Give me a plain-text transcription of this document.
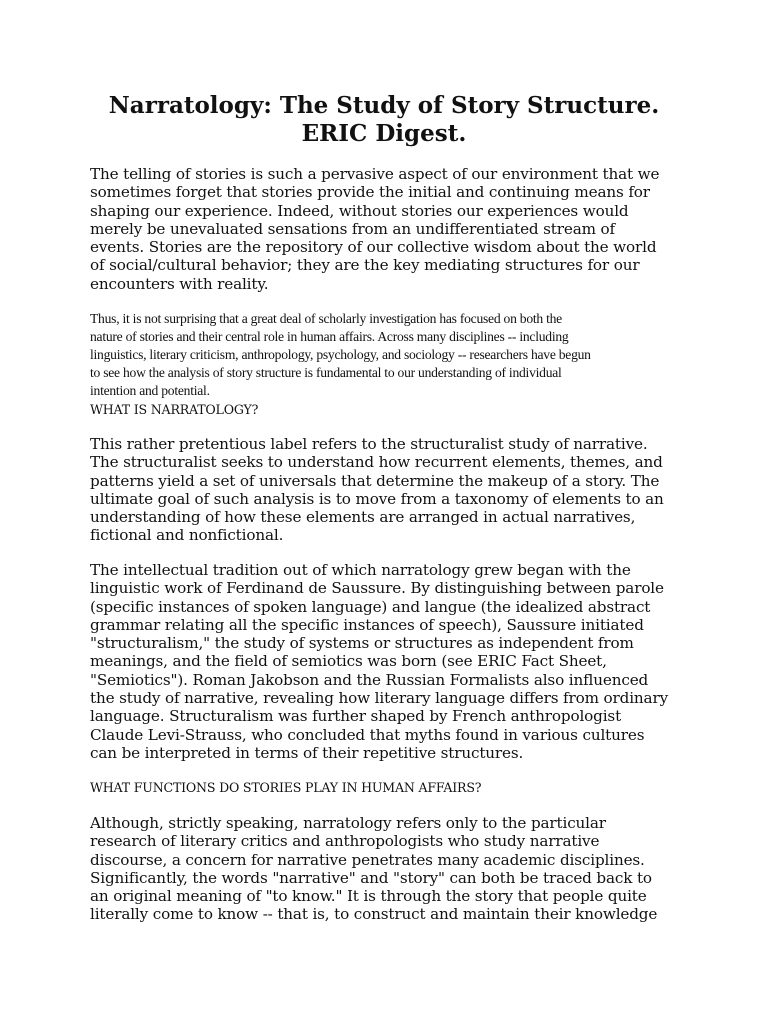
Narratology: The Study of Story Structure.
ERIC Digest.

The telling of stories is such a pervasive aspect of our environment that we
sometimes forget that stories provide the initial and continuing means for
shaping our experience. Indeed, without stories our experiences would
merely be unevaluated sensations from an undifferentiated stream of
events. Stories are the repository of our collective wisdom about the world
of social/cultural behavior; they are the key mediating structures for our
encounters with reality.

Thus, it is not surprising that a great deal of scholarly investigation has focused on both the
nature of stories and their central role in human affairs. Across many disciplines -- including
linguistics, literary criticism, anthropology, psychology, and sociology -- researchers have begun
to see how the analysis of story structure is fundamental to our understanding of individual
intention and potential.

WHAT IS NARRATOLOGY?

This rather pretentious label refers to the structuralist study of narrative.
The structuralist seeks to understand how recurrent elements, themes, and
patterns yield a set of universals that determine the makeup of a story. The
ultimate goal of such analysis is to move from a taxonomy of elements to an
understanding of how these elements are arranged in actual narratives,
fictional and nonfictional.

The intellectual tradition out of which narratology grew began with the
linguistic work of Ferdinand de Saussure. By distinguishing between parole
(specific instances of spoken language) and langue (the idealized abstract
grammar relating all the specific instances of speech), Saussure initiated
"structuralism," the study of systems or structures as independent from
meanings, and the field of semiotics was born (see ERIC Fact Sheet,
"Semiotics"). Roman Jakobson and the Russian Formalists also influenced
the study of narrative, revealing how literary language differs from ordinary
language. Structuralism was further shaped by French anthropologist
Claude Levi-Strauss, who concluded that myths found in various cultures
can be interpreted in terms of their repetitive structures.

WHAT FUNCTIONS DO STORIES PLAY IN HUMAN AFFAIRS?

Although, strictly speaking, narratology refers only to the particular
research of literary critics and anthropologists who study narrative
discourse, a concern for narrative penetrates many academic disciplines.
Significantly, the words "narrative" and "story" can both be traced back to
an original meaning of "to know." It is through the story that people quite
literally come to know -- that is, to construct and maintain their knowledge
